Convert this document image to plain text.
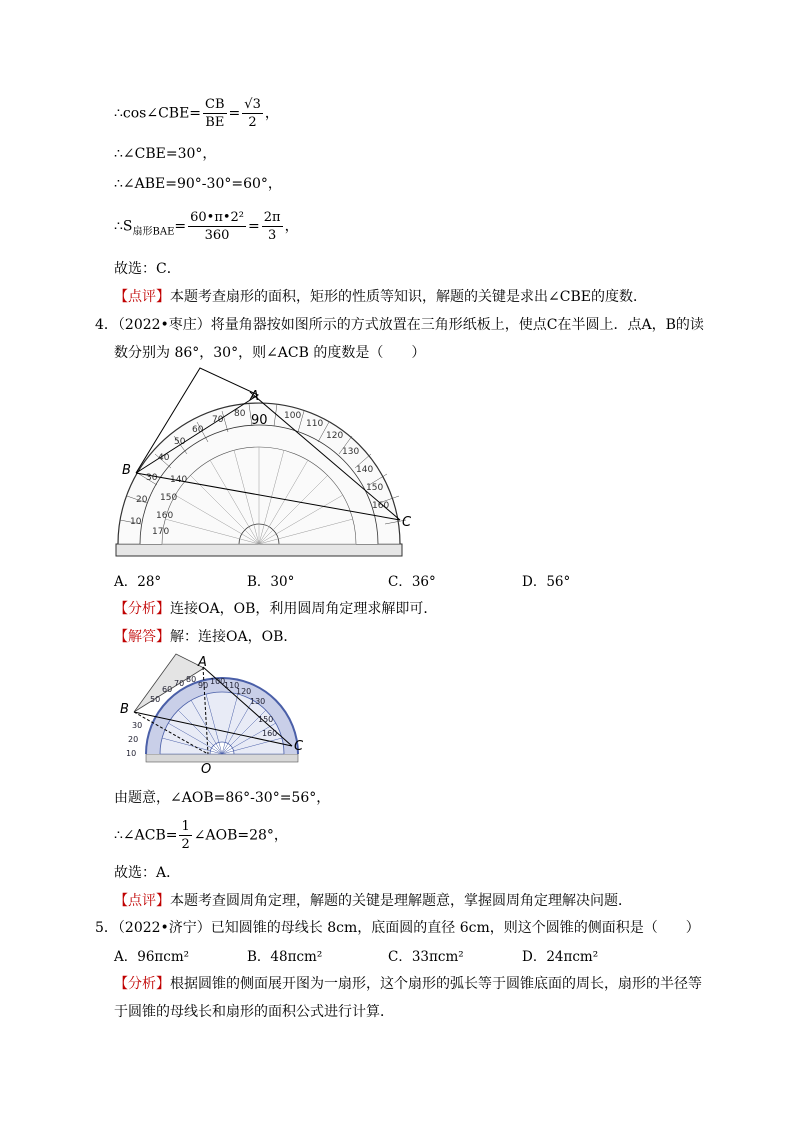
∴cos∠CBE= $\frac{CB}{BE} = \frac{√3}{2}$ ，
∴∠CBE=30°，
∴∠ABE=90°-30°=60°，
$\therefore S_{扇形BAE}= \frac{\text{60•π•2²}}{360} = \frac{2\pi}{3}$ ，
故选：C．
【点评】本题考查扇形的面积，矩形的性质等知识，解题的关键是求出∠CBE的度数．
4．（2022•枣庄）将量角器按如图所示的方式放置在三角形纸板上，使点C在半圆上．点A，B的读
数分别为 86°，30°，则∠ACB 的度数是（　　）
40
50
60
70
80	100
110
120
130
140
150
160
30
20
10
140
150
160
170
90
A
B
C
A．28°	B．30°	C．36°	D．56°
【分析】连接OA，OB，利用圆周角定理求解即可．
【解答】解：连接OA，OB．
50
60
70 80
90 100
110
120
130
150
160
30
20
10
A
B
C
O
由题意，∠AOB=86°-30°=56°，
∴∠ACB= $\frac{1}{2}$ ∠AOB=28°，
故选：A．
【点评】本题考查圆周角定理，解题的关键是理解题意，掌握圆周角定理解决问题．
5．（2022•济宁）已知圆锥的母线长 8cm，底面圆的直径 6cm，则这个圆锥的侧面积是（　　）
A．96πcm²	B．48πcm²	C．33πcm²	D．24πcm²
【分析】根据圆锥的侧面展开图为一扇形，这个扇形的弧长等于圆锥底面的周长，扇形的半径等
于圆锥的母线长和扇形的面积公式进行计算．
